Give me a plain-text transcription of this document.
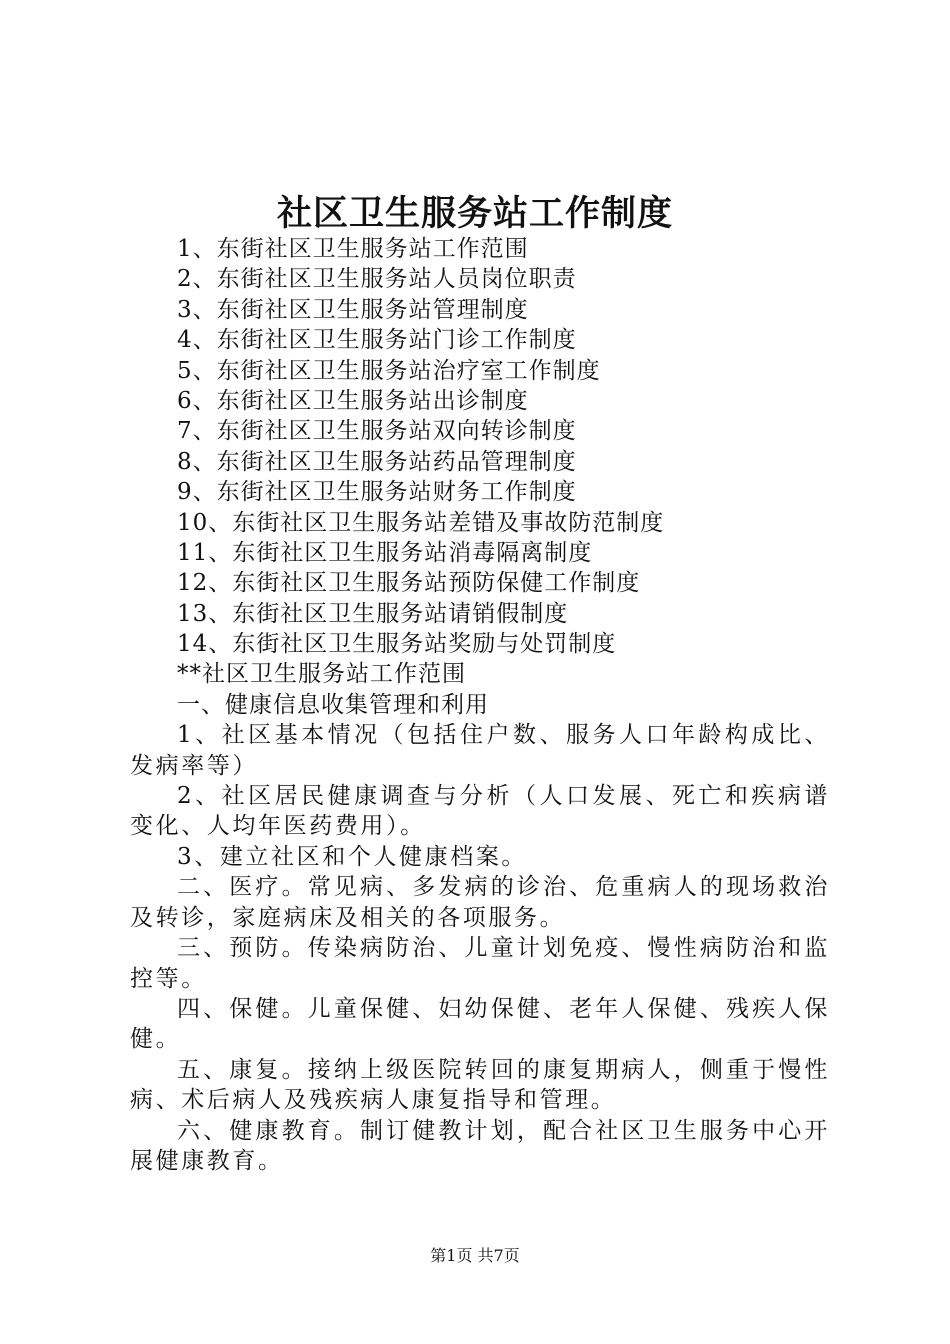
社区卫生服务站工作制度
1、东街社区卫生服务站工作范围
2、东街社区卫生服务站人员岗位职责
3、东街社区卫生服务站管理制度
4、东街社区卫生服务站门诊工作制度
5、东街社区卫生服务站治疗室工作制度
6、东街社区卫生服务站出诊制度
7、东街社区卫生服务站双向转诊制度
8、东街社区卫生服务站药品管理制度
9、东街社区卫生服务站财务工作制度
10、东街社区卫生服务站差错及事故防范制度
11、东街社区卫生服务站消毒隔离制度
12、东街社区卫生服务站预防保健工作制度
13、东街社区卫生服务站请销假制度
14、东街社区卫生服务站奖励与处罚制度
**社区卫生服务站工作范围
一、健康信息收集管理和利用
1、社区基本情况（包括住户数、服务人口年龄构成比、发病率等）
2、社区居民健康调查与分析（人口发展、死亡和疾病谱变化、人均年医药费用）。
3、建立社区和个人健康档案。
二、医疗。常见病、多发病的诊治、危重病人的现场救治及转诊，家庭病床及相关的各项服务。
三、预防。传染病防治、儿童计划免疫、慢性病防治和监控等。
四、保健。儿童保健、妇幼保健、老年人保健、残疾人保健。
五、康复。接纳上级医院转回的康复期病人，侧重于慢性病、术后病人及残疾病人康复指导和管理。
六、健康教育。制订健教计划，配合社区卫生服务中心开展健康教育。
第1页 共7页
